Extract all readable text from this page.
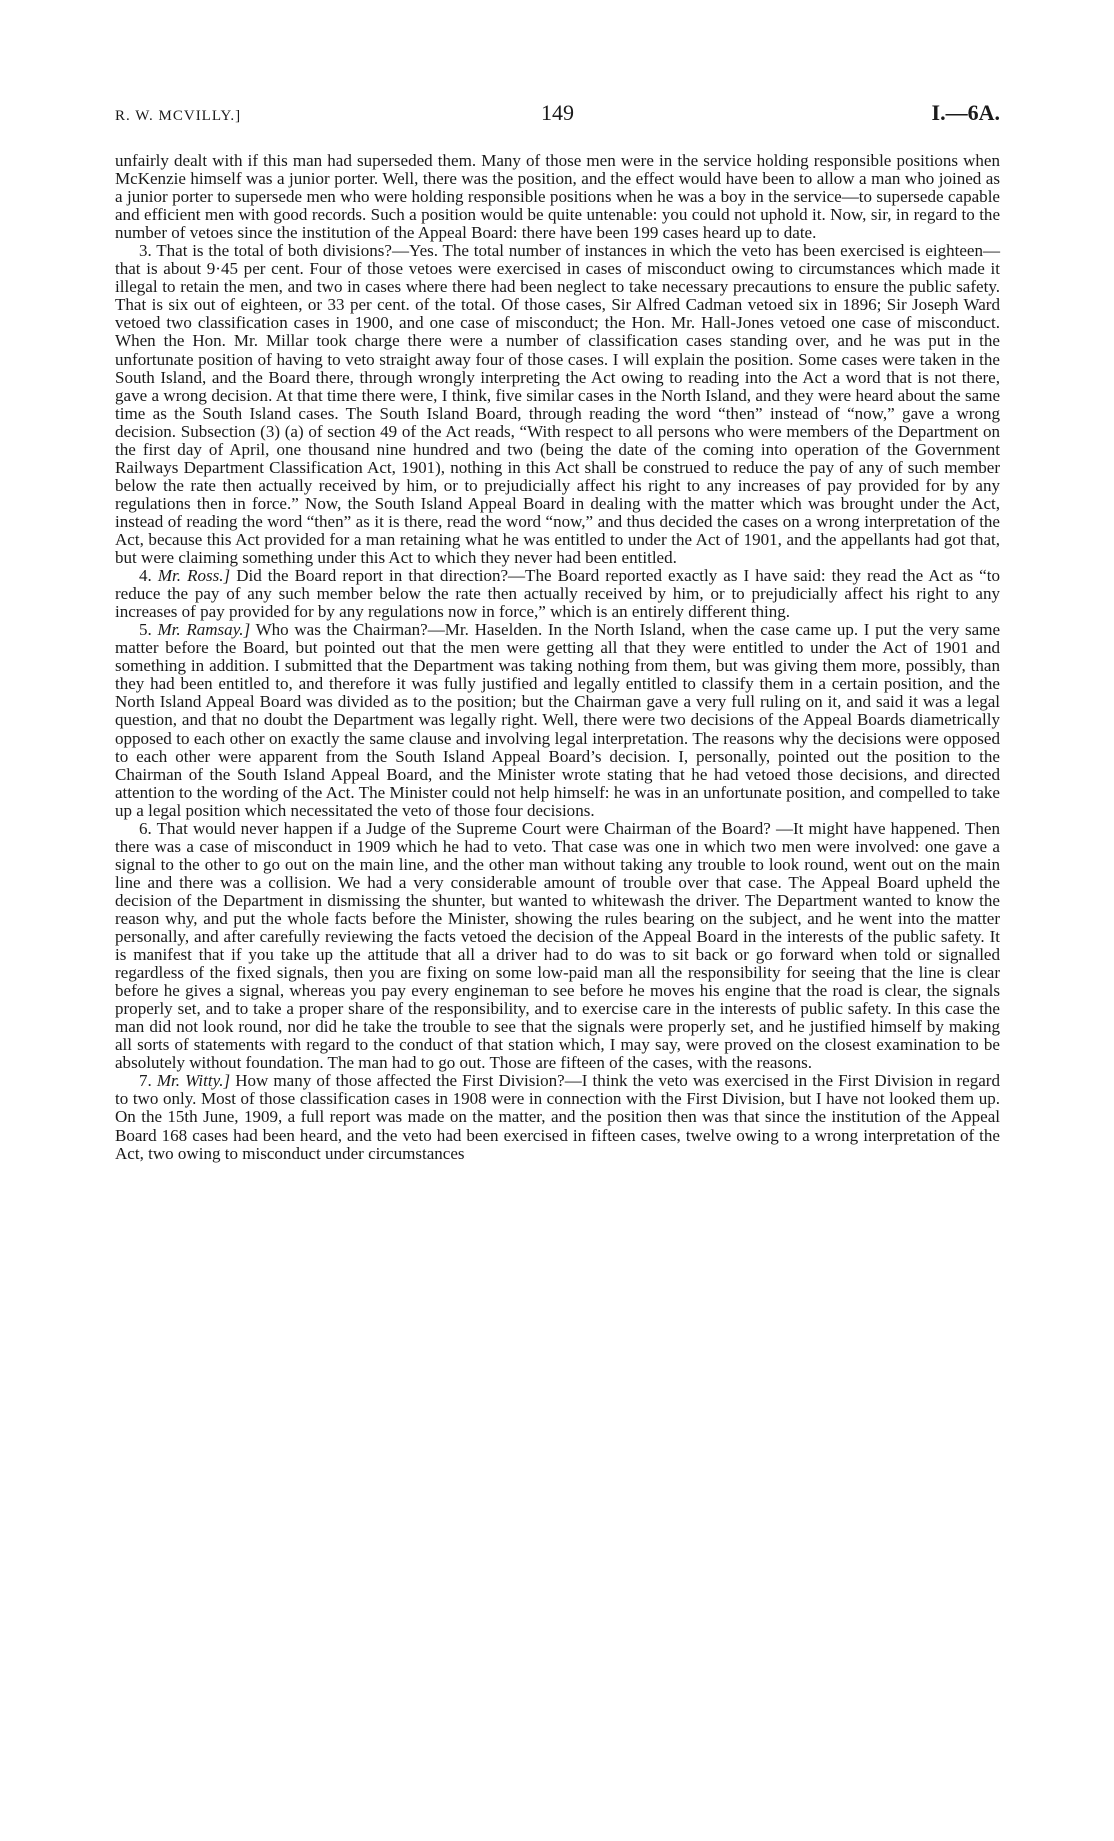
R. W. MCVILLY.]	149	I.—6A.

unfairly dealt with if this man had superseded them. Many of those men were in the service holding responsible positions when McKenzie himself was a junior porter. Well, there was the position, and the effect would have been to allow a man who joined as a junior porter to supersede men who were holding responsible positions when he was a boy in the service—to supersede capable and efficient men with good records. Such a position would be quite untenable: you could not uphold it. Now, sir, in regard to the number of vetoes since the institution of the Appeal Board: there have been 199 cases heard up to date.

3. That is the total of both divisions?—Yes. The total number of instances in which the veto has been exercised is eighteen—that is about 9·45 per cent. Four of those vetoes were exercised in cases of misconduct owing to circumstances which made it illegal to retain the men, and two in cases where there had been neglect to take necessary precautions to ensure the public safety. That is six out of eighteen, or 33 per cent. of the total. Of those cases, Sir Alfred Cadman vetoed six in 1896; Sir Joseph Ward vetoed two classification cases in 1900, and one case of misconduct; the Hon. Mr. Hall-Jones vetoed one case of misconduct. When the Hon. Mr. Millar took charge there were a number of classification cases standing over, and he was put in the unfortunate position of having to veto straight away four of those cases. I will explain the position. Some cases were taken in the South Island, and the Board there, through wrongly interpreting the Act owing to reading into the Act a word that is not there, gave a wrong decision. At that time there were, I think, five similar cases in the North Island, and they were heard about the same time as the South Island cases. The South Island Board, through reading the word “then” instead of “now,” gave a wrong decision. Subsection (3) (a) of section 49 of the Act reads, “With respect to all persons who were members of the Department on the first day of April, one thousand nine hundred and two (being the date of the coming into operation of the Government Railways Department Classification Act, 1901), nothing in this Act shall be construed to reduce the pay of any of such member below the rate then actually received by him, or to prejudicially affect his right to any increases of pay provided for by any regulations then in force.” Now, the South Island Appeal Board in dealing with the matter which was brought under the Act, instead of reading the word “then” as it is there, read the word “now,” and thus decided the cases on a wrong interpretation of the Act, because this Act provided for a man retaining what he was entitled to under the Act of 1901, and the appellants had got that, but were claiming something under this Act to which they never had been entitled.

4. Mr. Ross.] Did the Board report in that direction?—The Board reported exactly as I have said: they read the Act as “to reduce the pay of any such member below the rate then actually received by him, or to prejudicially affect his right to any increases of pay provided for by any regulations now in force,” which is an entirely different thing.

5. Mr. Ramsay.] Who was the Chairman?—Mr. Haselden. In the North Island, when the case came up. I put the very same matter before the Board, but pointed out that the men were getting all that they were entitled to under the Act of 1901 and something in addition. I submitted that the Department was taking nothing from them, but was giving them more, possibly, than they had been entitled to, and therefore it was fully justified and legally entitled to classify them in a certain position, and the North Island Appeal Board was divided as to the position; but the Chairman gave a very full ruling on it, and said it was a legal question, and that no doubt the Department was legally right. Well, there were two decisions of the Appeal Boards diametrically opposed to each other on exactly the same clause and involving legal interpretation. The reasons why the decisions were opposed to each other were apparent from the South Island Appeal Board’s decision. I, personally, pointed out the position to the Chairman of the South Island Appeal Board, and the Minister wrote stating that he had vetoed those decisions, and directed attention to the wording of the Act. The Minister could not help himself: he was in an unfortunate position, and compelled to take up a legal position which necessitated the veto of those four decisions.

6. That would never happen if a Judge of the Supreme Court were Chairman of the Board? —It might have happened. Then there was a case of misconduct in 1909 which he had to veto. That case was one in which two men were involved: one gave a signal to the other to go out on the main line, and the other man without taking any trouble to look round, went out on the main line and there was a collision. We had a very considerable amount of trouble over that case. The Appeal Board upheld the decision of the Department in dismissing the shunter, but wanted to whitewash the driver. The Department wanted to know the reason why, and put the whole facts before the Minister, showing the rules bearing on the subject, and he went into the matter personally, and after carefully reviewing the facts vetoed the decision of the Appeal Board in the interests of the public safety. It is manifest that if you take up the attitude that all a driver had to do was to sit back or go forward when told or signalled regardless of the fixed signals, then you are fixing on some low-paid man all the responsibility for seeing that the line is clear before he gives a signal, whereas you pay every engineman to see before he moves his engine that the road is clear, the signals properly set, and to take a proper share of the responsibility, and to exercise care in the interests of public safety. In this case the man did not look round, nor did he take the trouble to see that the signals were properly set, and he justified himself by making all sorts of statements with regard to the conduct of that station which, I may say, were proved on the closest examination to be absolutely without foundation. The man had to go out. Those are fifteen of the cases, with the reasons.

7. Mr. Witty.] How many of those affected the First Division?—I think the veto was exercised in the First Division in regard to two only. Most of those classification cases in 1908 were in connection with the First Division, but I have not looked them up. On the 15th June, 1909, a full report was made on the matter, and the position then was that since the institution of the Appeal Board 168 cases had been heard, and the veto had been exercised in fifteen cases, twelve owing to a wrong interpretation of the Act, two owing to misconduct under circumstances
